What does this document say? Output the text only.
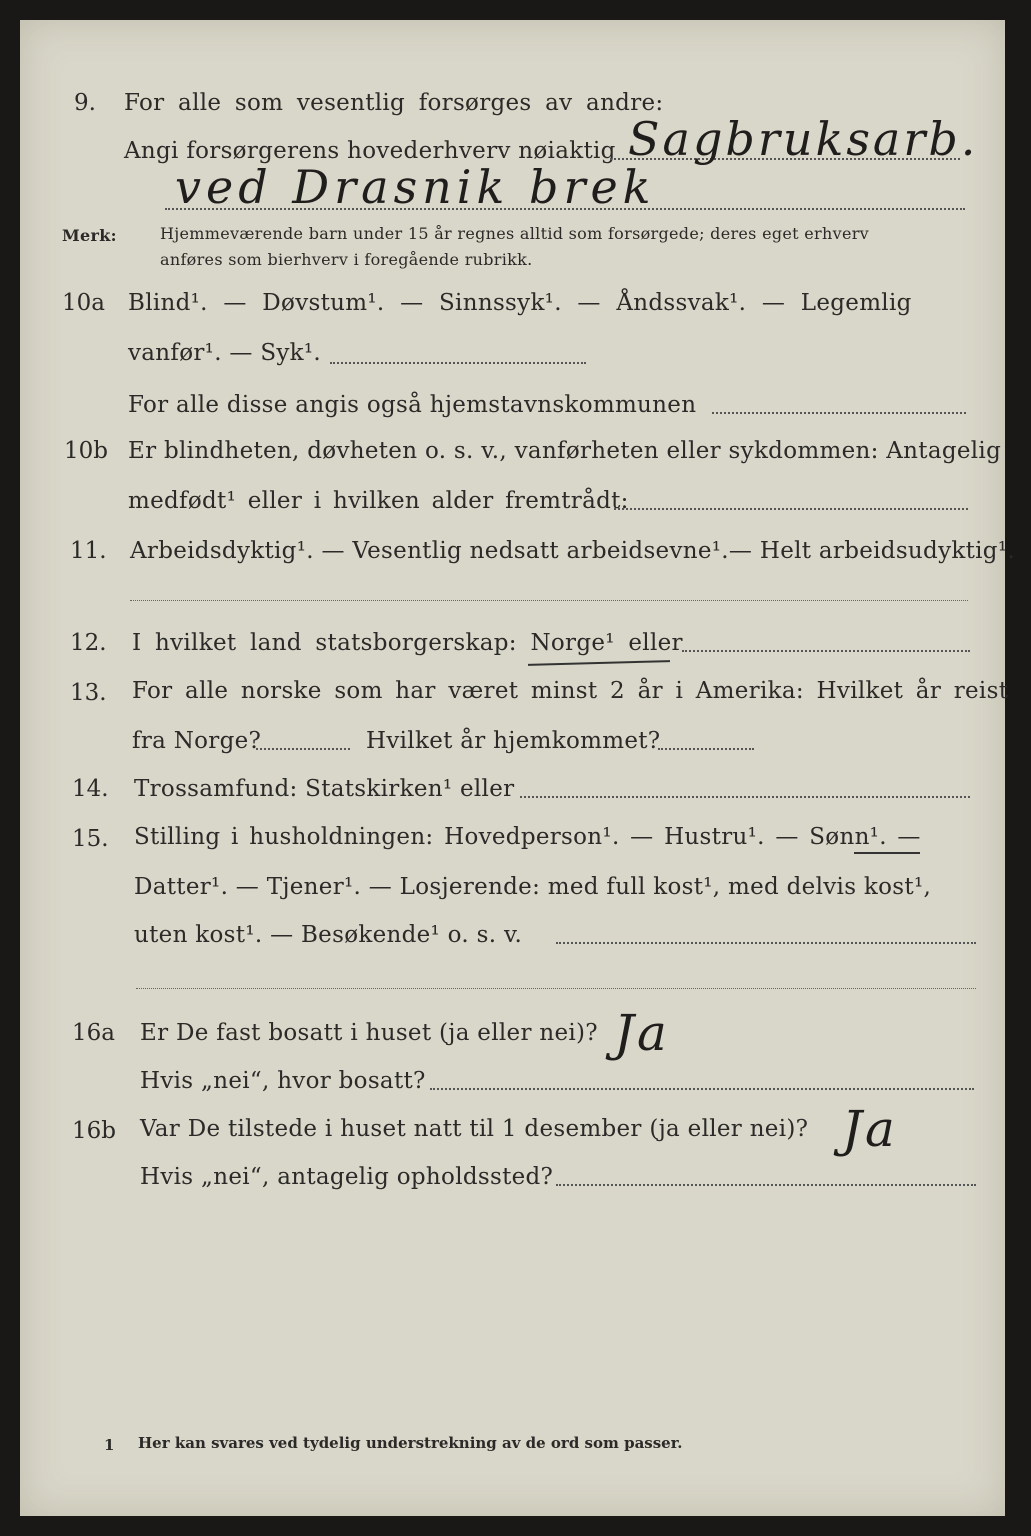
9. For alle som vesentlig forsørges av andre:
Angi forsørgerens hovederhverv nøiaktig Sagbruksarb.
ved Drasnik brek
Merk:	Hjemmeværende barn under 15 år regnes alltid som forsørgede; deres eget erhverv
anføres som bierhverv i foregående rubrikk.
10a Blind¹. — Døvstum¹. — Sinnssyk¹. — Åndssvak¹. — Legemlig
vanfør¹. — Syk¹.
For alle disse angis også hjemstavnskommunen
10b Er blindheten, døvheten o. s. v., vanførheten eller sykdommen: Antagelig
medfødt¹ eller i hvilken alder fremtrådt:
11. Arbeidsdyktig¹. — Vesentlig nedsatt arbeidsevne¹.— Helt arbeidsudyktig¹.
12. I hvilket land statsborgerskap: Norge¹ eller
13. For alle norske som har været minst 2 år i Amerika: Hvilket år reist
fra Norge?	Hvilket år hjemkommet?
14. Trossamfund: Statskirken¹ eller
15. Stilling i husholdningen: Hovedperson¹. — Hustru¹. — Sønn¹. —
Datter¹. — Tjener¹. — Losjerende: med full kost¹, med delvis kost¹,
uten kost¹. — Besøkende¹ o. s. v.
16a Er De fast bosatt i huset (ja eller nei)? Ja
Hvis „nei“, hvor bosatt?
16b Var De tilstede i huset natt til 1 desember (ja eller nei)? Ja
Hvis „nei“, antagelig opholdssted?
1 Her kan svares ved tydelig understrekning av de ord som passer.
